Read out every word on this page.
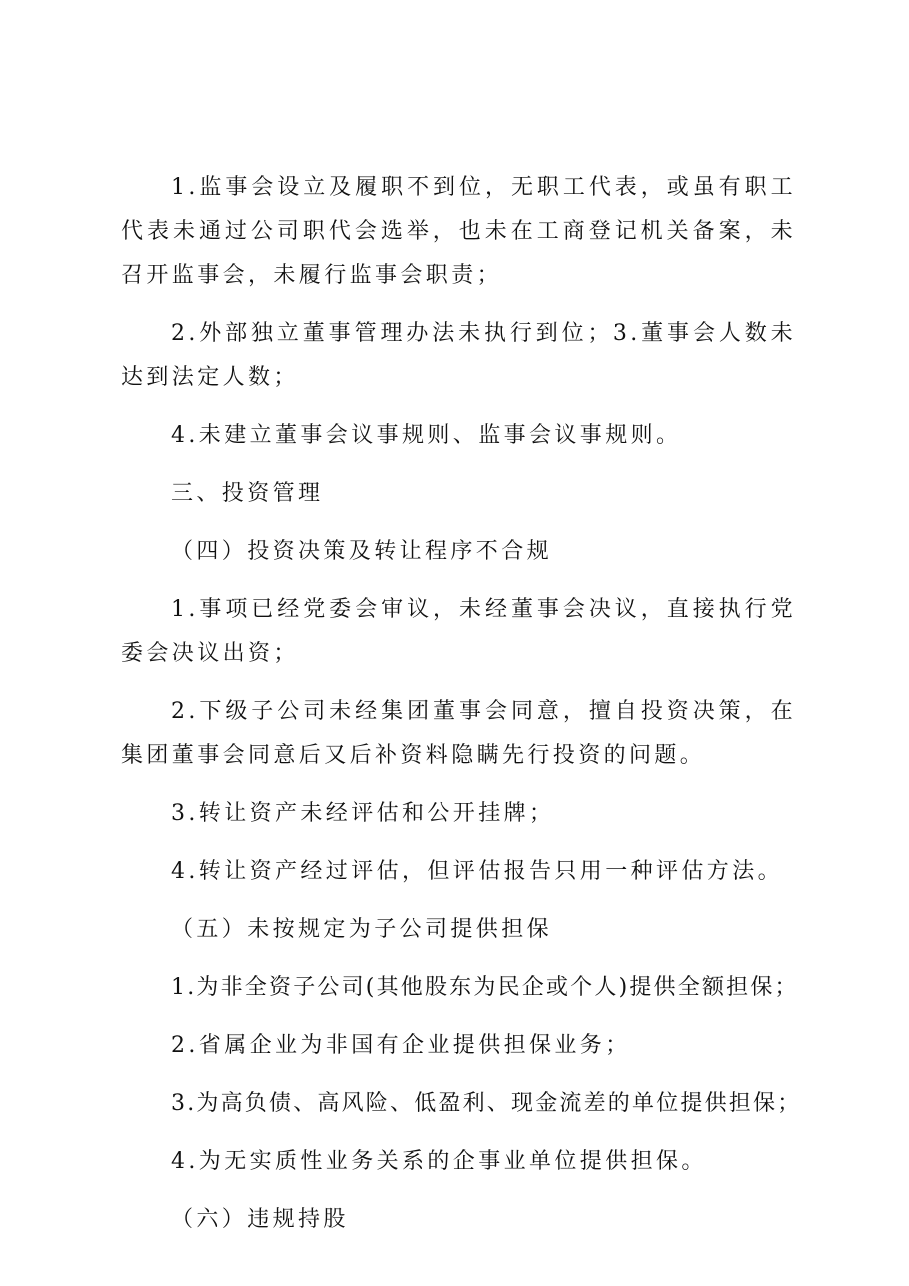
1.监事会设立及履职不到位，无职工代表，或虽有职工代表未通过公司职代会选举，也未在工商登记机关备案，未召开监事会，未履行监事会职责；

2.外部独立董事管理办法未执行到位；3.董事会人数未达到法定人数；

4.未建立董事会议事规则、监事会议事规则。

三、投资管理

（四）投资决策及转让程序不合规

1.事项已经党委会审议，未经董事会决议，直接执行党委会决议出资；

2.下级子公司未经集团董事会同意，擅自投资决策，在集团董事会同意后又后补资料隐瞒先行投资的问题。

3.转让资产未经评估和公开挂牌；

4.转让资产经过评估，但评估报告只用一种评估方法。

（五）未按规定为子公司提供担保

1.为非全资子公司(其他股东为民企或个人)提供全额担保；

2.省属企业为非国有企业提供担保业务；

3.为高负债、高风险、低盈利、现金流差的单位提供担保；

4.为无实质性业务关系的企事业单位提供担保。

（六）违规持股
